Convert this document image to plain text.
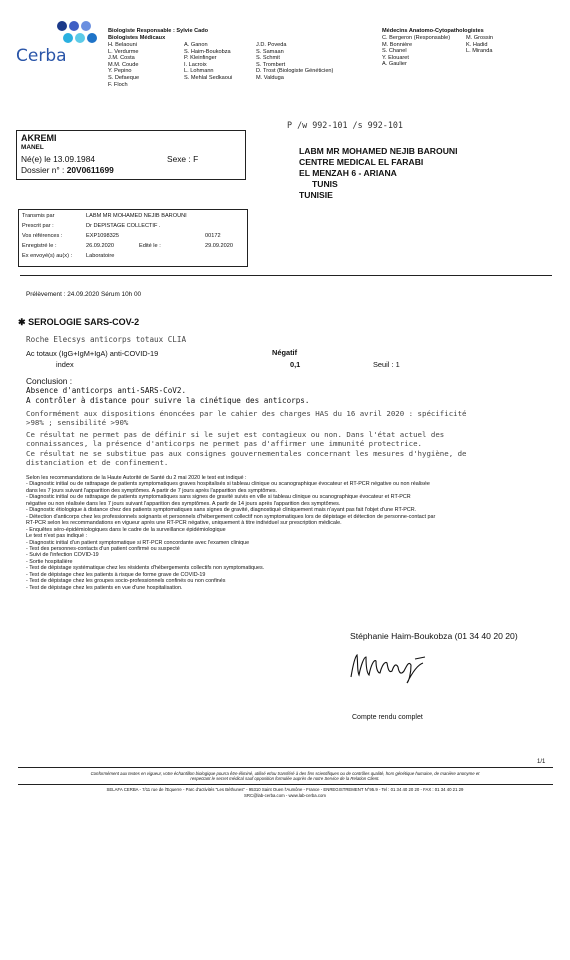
Cerba
Biologiste Responsable : Sylvie Cado
Biologistes Médicaux
H. Belaouni
L. Verdurme
J.M. Costa
M.M. Coude
Y. Pepino
S. Defaeque
F. Floch
A. Ganon
S. Haim-Boukobza
P. Kleinfinger
I. Lacroix
L. Lohmann
S. Mehlal Sedkaoui
J.D. Poveda
S. Samaan
S. Schmit
S. Trombert
D. Trost (Biologiste Généticien)
M. Valduga
Médecins Anatomo-Cytopathologistes
C. Bergeron (Responsable)
M. Bonnière
S. Chanel
Y. Elouaret
A. Gaulier
M. Grossin
K. Hadid
L. Miranda
P /w 992-101 /s 992-101
AKREMI
MANEL
Né(e) le 13.09.1984	Sexe : F
Dossier n° : 20V0611699
LABM MR MOHAMED NEJIB BAROUNI
CENTRE MEDICAL EL FARABI
EL MENZAH 6 - ARIANA
TUNIS
TUNISIE
Transmis par	LABM MR MOHAMED NEJIB BAROUNI
Prescrit par :	Dr DEPISTAGE COLLECTIF .
Vos références :	EXP1098325	00172
Enregistré le :	26.09.2020	Edité le :	29.09.2020
Ex envoyé(s) au(x) : Laboratoire
Prélèvement : 24.09.2020 Sérum 10h 00
✱ SEROLOGIE SARS-COV-2
Roche Elecsys anticorps totaux CLIA
Ac totaux (IgG+IgM+IgA) anti-COVID-19
index
Négatif
0,1	Seuil : 1
Conclusion :
Absence d'anticorps anti-SARS-CoV2.
A contrôler à distance pour suivre la cinétique des anticorps.
Conformément aux dispositions énoncées par le cahier des charges HAS du 16 avril 2020 : spécificité
>98% ; sensibilité >90%
Ce résultat ne permet pas de définir si le sujet est contagieux ou non. Dans l'état actuel des
connaissances, la présence d'anticorps ne permet pas d'affirmer une immunité protectrice.
Ce résultat ne se substitue pas aux consignes gouvernementales concernant les mesures d'hygiène, de
distanciation et de confinement.
Selon les recommandations de la Haute Autorité de Santé du 2 mai 2020 le test est indiqué :
- Diagnostic initial ou de rattrapage de patients symptomatiques graves hospitalisés si tableau clinique ou scanographique évocateur et RT-PCR négative ou non réalisée
dans les 7 jours suivant l'apparition des symptômes. A partir de 7 jours après l'apparition des symptômes.
- Diagnostic initial ou de rattrapage de patients symptomatiques sans signes de gravité suivis en ville si tableau clinique ou scanographique évocateur et RT-PCR
négative ou non réalisée dans les 7 jours suivant l'apparition des symptômes. A partir de 14 jours après l'apparition des symptômes.
- Diagnostic étiologique à distance chez des patients symptomatiques sans signes de gravité, diagnostiqué cliniquement mais n'ayant pas fait l'objet d'une RT-PCR.
- Détection d'anticorps chez les professionnels soignants et personnels d'hébergement collectif non symptomatiques lors de dépistage et détection de personne-contact par
RT-PCR selon les recommandations en vigueur après une RT-PCR négative, uniquement à titre individuel sur prescription médicale.
- Enquêtes séro-épidémiologiques dans le cadre de la surveillance épidémiologique
Le test n'est pas indiqué :
- Diagnostic initial d'un patient symptomatique si RT-PCR concordante avec l'examen clinique
- Test des personnes-contacts d'un patient confirmé ou suspecté
- Suivi de l'infection COVID-19
- Sortie hospitalière
- Test de dépistage systématique chez les résidents d'hébergements collectifs non symptomatiques.
- Test de dépistage chez les patients à risque de forme grave de COVID-19
- Test de dépistage chez les groupes socio-professionnels confinés ou non confinés
- Test de dépistage chez les patients en vue d'une hospitalisation.
Stéphanie Haim-Boukobza (01 34 40 20 20)
Compte rendu complet
1/1
Conformément aux textes en vigueur, votre échantillon biologique pourra être éliminé, utilisé et/ou transféré à des fins scientifiques ou de contrôles qualité, hors génétique humaine, de manière anonyme et
respectant le secret médical sauf opposition formulée auprès de notre Service de la Relation Client.
SELAFA CERBA - 7/11 rue de l'Equerre - Parc d'activités "Les Béthunes" - 95310 Saint Ouen l'Aumône - France - ENREGISTREMENT N°95.9 - Tel : 01 34 40 20 20 - FAX : 01 34 40 21 29
SRC@lab-cerba.com - www.lab-cerba.com
